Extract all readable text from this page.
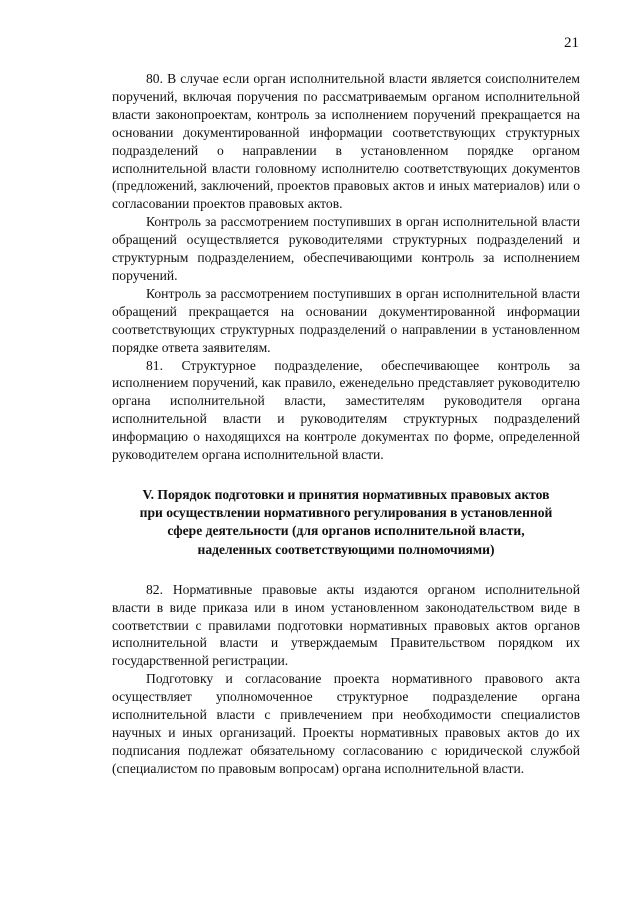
21

80. В случае если орган исполнительной власти является соисполнителем поручений, включая поручения по рассматриваемым органом исполнительной власти законопроектам, контроль за исполнением поручений прекращается на основании документированной информации соответствующих структурных подразделений о направлении в установленном порядке органом исполнительной власти головному исполнителю соответствующих документов (предложений, заключений, проектов правовых актов и иных материалов) или о согласовании проектов правовых актов.

Контроль за рассмотрением поступивших в орган исполнительной власти обращений осуществляется руководителями структурных подразделений и структурным подразделением, обеспечивающими контроль за исполнением поручений.

Контроль за рассмотрением поступивших в орган исполнительной власти обращений прекращается на основании документированной информации соответствующих структурных подразделений о направлении в установленном порядке ответа заявителям.

81. Структурное подразделение, обеспечивающее контроль за исполнением поручений, как правило, еженедельно представляет руководителю органа исполнительной власти, заместителям руководителя органа исполнительной власти и руководителям структурных подразделений информацию о находящихся на контроле документах по форме, определенной руководителем органа исполнительной власти.

V. Порядок подготовки и принятия нормативных правовых актов
при осуществлении нормативного регулирования в установленной
сфере деятельности (для органов исполнительной власти,
наделенных соответствующими полномочиями)

82. Нормативные правовые акты издаются органом исполнительной власти в виде приказа или в ином установленном законодательством виде в соответствии с правилами подготовки нормативных правовых актов органов исполнительной власти и утверждаемым Правительством порядком их государственной регистрации.

Подготовку и согласование проекта нормативного правового акта осуществляет уполномоченное структурное подразделение органа исполнительной власти с привлечением при необходимости специалистов научных и иных организаций. Проекты нормативных правовых актов до их подписания подлежат обязательному согласованию с юридической службой (специалистом по правовым вопросам) органа исполнительной власти.
